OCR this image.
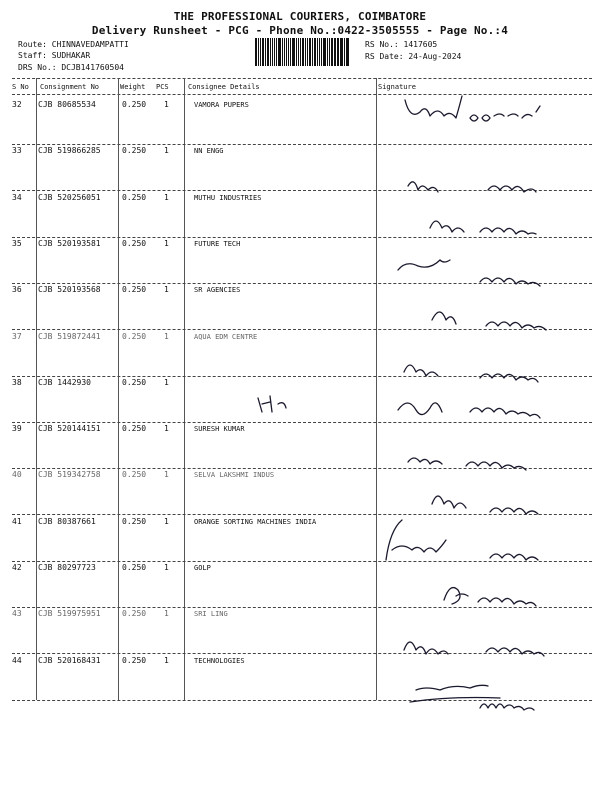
THE PROFESSIONAL COURIERS, COIMBATORE
Delivery Runsheet - PCG - Phone No.:0422-3505555 - Page No.:4
Route: CHINNAVEDAMPATTI
Staff: SUDHAKAR
DRS No.: DCJB141760504
RS No.: 1417605
RS Date: 24-Aug-2024
S No Consignment No	Weight PCS	Consignee Details	Signature
32 CJB 80685534	0.250 1	VAMORA PUPERS
33 CJB 519866285	0.250 1	NN ENGG
34 CJB 520256051	0.250 1	MUTHU INDUSTRIES
35 CJB 520193581	0.250 1	FUTURE TECH
36 CJB 520193568	0.250 1	SR AGENCIES
37 CJB 519872441	0.250 1	AQUA EDM CENTRE
38 CJB 1442930	0.250 1
39 CJB 520144151	0.250 1	SURESH KUMAR
40 CJB 519342758	0.250 1	SELVA LAKSHMI INDUS
41 CJB 80387661	0.250 1	ORANGE SORTING MACHINES INDIA
42 CJB 80297723	0.250 1	GOLP
43 CJB 519975951	0.250 1	SRI LING
44 CJB 520168431	0.250 1	TECHNOLOGIES
